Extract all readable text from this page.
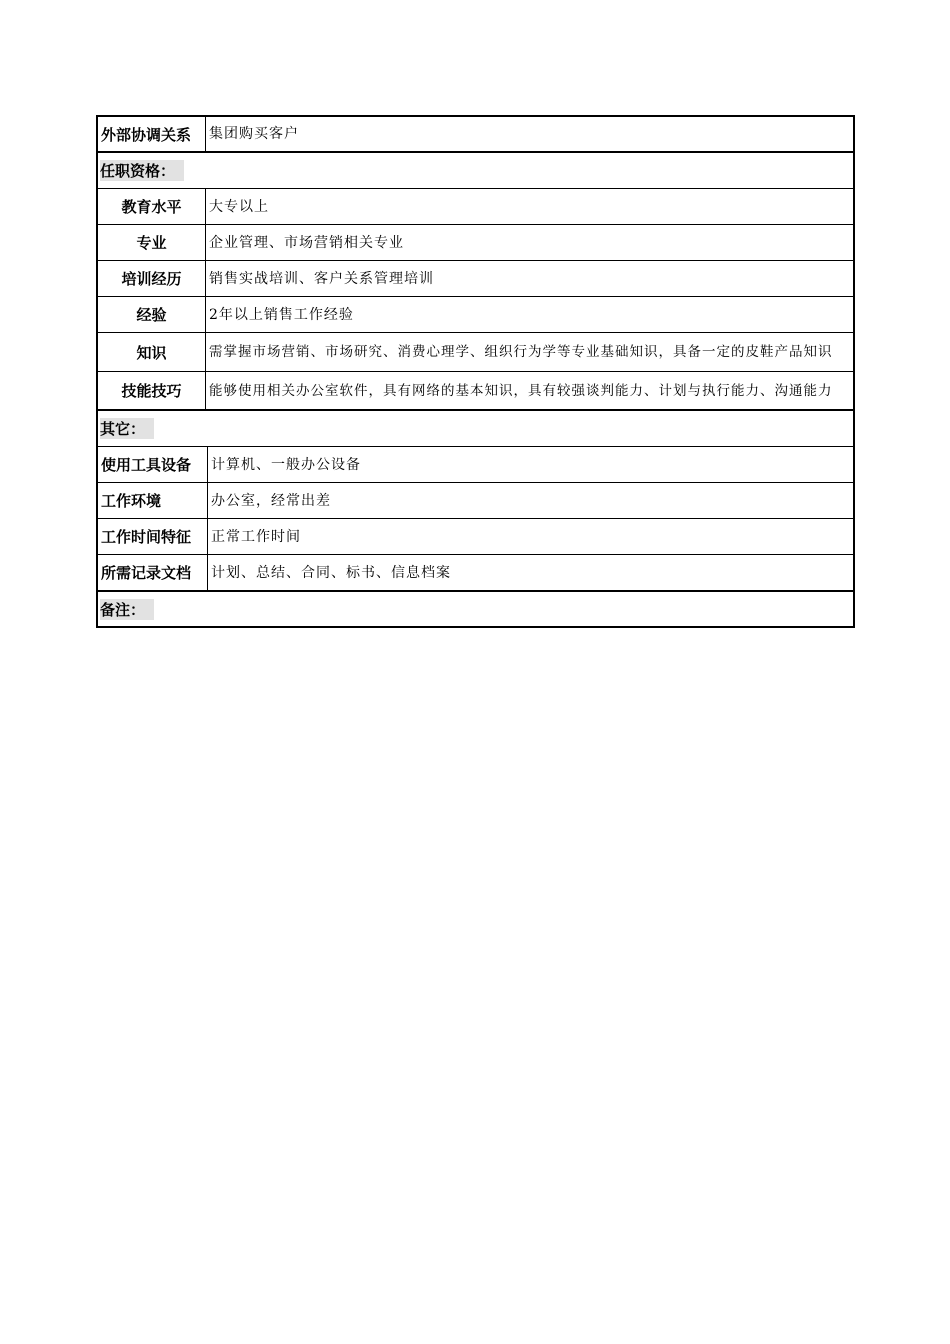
外部协调关系	集团购买客户
任职资格：
教育水平	大专以上
专业	企业管理、市场营销相关专业
培训经历	销售实战培训、客户关系管理培训
经验	2年以上销售工作经验
知识	需掌握市场营销、市场研究、消费心理学、组织行为学等专业基础知识，具备一定的皮鞋产品知识
技能技巧	能够使用相关办公室软件，具有网络的基本知识，具有较强谈判能力、计划与执行能力、沟通能力
其它：
使用工具设备	计算机、一般办公设备
工作环境	办公室，经常出差
工作时间特征	正常工作时间
所需记录文档	计划、总结、合同、标书、信息档案
备注：
